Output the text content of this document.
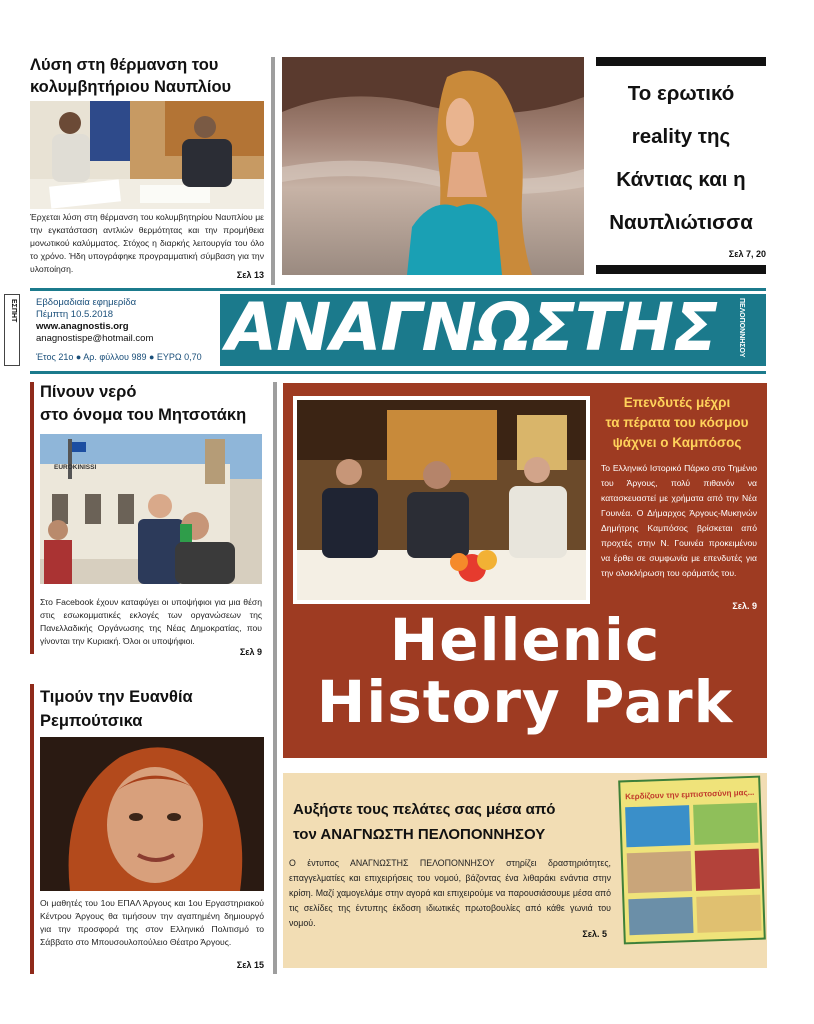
Λύση στη θέρμανση του
κολυμβητήριου Ναυπλίου
Έρχεται λύση στη θέρμανση του κολυμβητηρίου Ναυπλίου με την εγκατάσταση αντλιών θερμότητας και την προμήθεια μονωτικού καλύμματος. Στόχος η διαρκής λειτουργία του όλο το χρόνο. Ήδη υπογράφηκε προγραμματική σύμβαση για την υλοποίηση.
Σελ 13
Το ερωτικό
reality της
Κάντιας και η
Ναυπλιώτισσα
Σελ 7, 20
ΕΣΠΗΤ Εβδομαδιαία εφημερίδα
Πέμπτη 10.5.2018
www.anagnostis.org
anagnostispe@hotmail.com
Έτος 21ο ● Αρ. φύλλου 989 ● ΕΥΡΩ 0,70 ΑΝΑΓΝΩΣΤΗΣ	ΠΕΛΟΠΟΝΝΗΣΟΥ
Πίνουν νερό
στο όνομα του Μητσοτάκη
EUROKINISSI
Στο Facebook έχουν καταφύγει οι υποψήφιοι για μια θέση στις εσωκομματικές εκλογές των οργανώσεων της Πανελλαδικής Οργάνωσης της Νέας Δημοκρατίας, που γίνονται την Κυριακή. Όλοι οι υποψήφιοι.
Σελ 9
Τιμούν την Ευανθία
Ρεμπούτσικα
Οι μαθητές του 1ου ΕΠΑΛ Άργους και 1ου Εργαστηριακού Κέντρου Άργους θα τιμήσουν την αγαπημένη δημιουργό για την προσφορά της στον Ελληνικό Πολιτισμό το Σάββατο στο Μπουσουλοπούλειο Θέατρο Άργους.
Σελ 15
Επενδυτές μέχρι
τα πέρατα του κόσμου
ψάχνει ο Καμπόσος
Το Ελληνικό Ιστορικό Πάρκο στο Τημένιο του Άργους, πολύ πιθανόν να κατασκευαστεί με χρήματα από την Νέα Γουινέα. Ο Δήμαρχος Άργους-Μυκηνών Δημήτρης Καμπόσος βρίσκεται από προχτές στην Ν. Γουινέα προκειμένου να έρθει σε συμφωνία με επενδυτές για την ολοκλήρωση του οράματός του.
Σελ. 9
Hellenic
History Park
Αυξήστε τους πελάτες σας μέσα από
τον ΑΝΑΓΝΩΣΤΗ ΠΕΛΟΠΟΝΝΗΣΟΥ
Ο έντυπος ΑΝΑΓΝΩΣΤΗΣ ΠΕΛΟΠΟΝΝΗΣΟΥ στηρίζει δραστηριότητες, επαγγελματίες και επιχειρήσεις του νομού, βάζοντας ένα λιθαράκι ενάντια στην κρίση. Μαζί χαμογελάμε στην αγορά και επιχειρούμε να παρουσιάσουμε μέσα από τις σελίδες της έντυπης έκδοση ιδιωτικές πρωτοβουλίες από κάθε γωνιά του νομού.
Σελ. 5
Κερδίζουν την εμπιστοσύνη μας...
